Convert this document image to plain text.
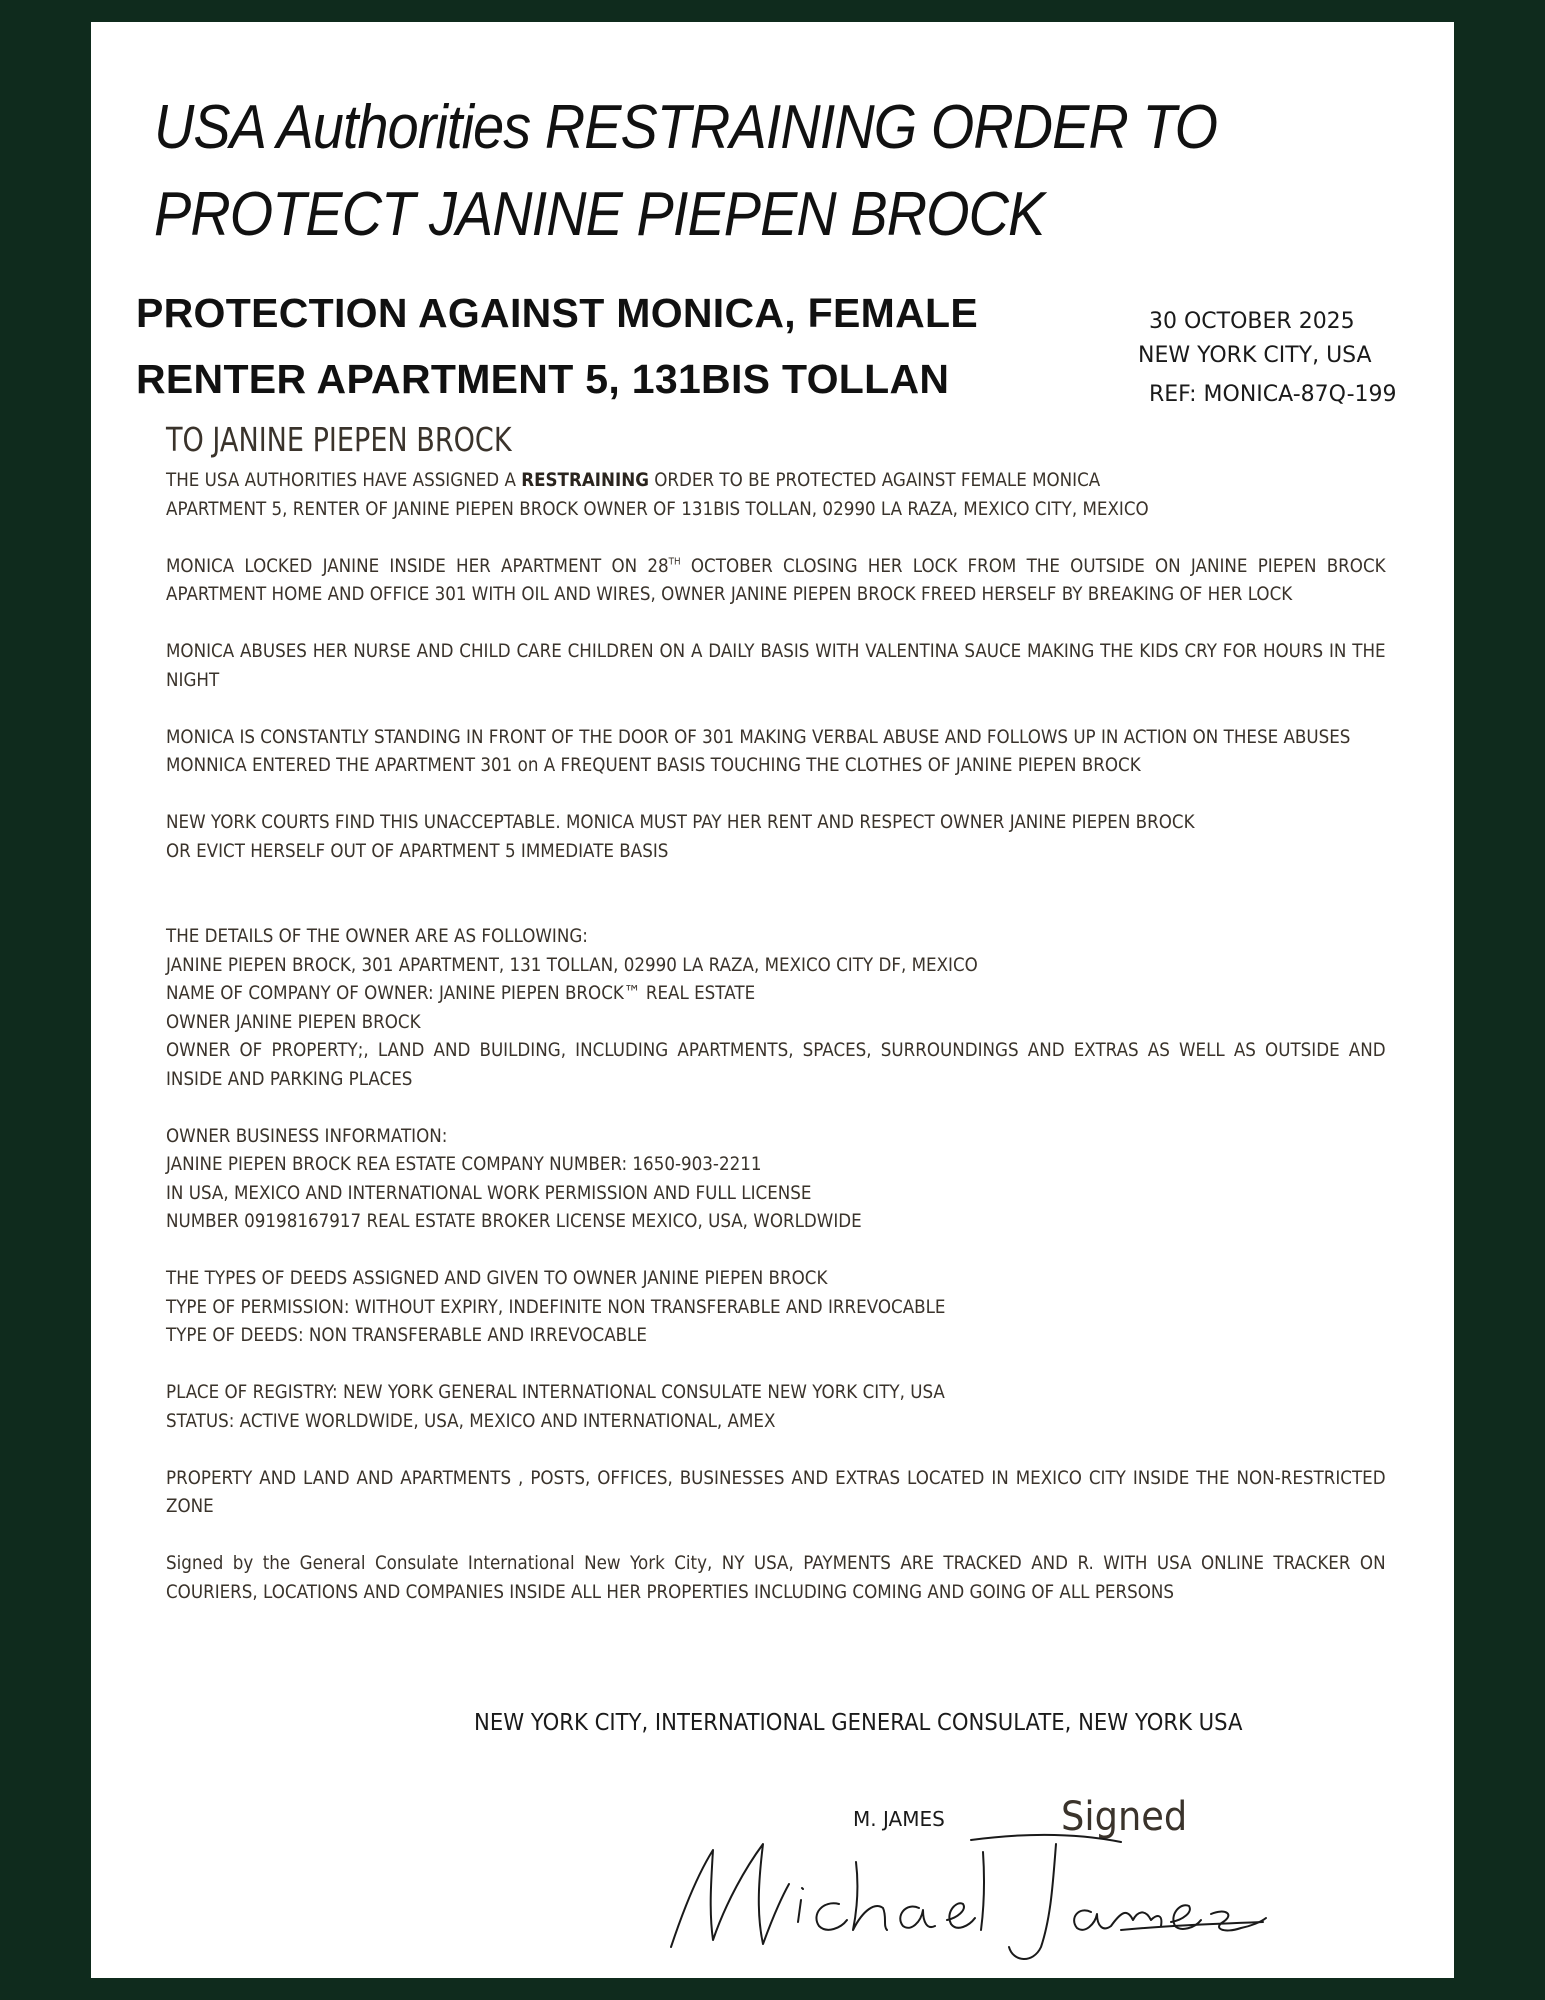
USA Authorities RESTRAINING ORDER TO
PROTECT JANINE PIEPEN BROCK
PROTECTION AGAINST MONICA, FEMALE
RENTER APARTMENT 5, 131BIS TOLLAN
30 OCTOBER 2025
NEW YORK CITY, USA
REF: MONICA-87Q-199
TO JANINE PIEPEN BROCK

THE USA AUTHORITIES HAVE ASSIGNED A RESTRAINING ORDER TO BE PROTECTED AGAINST FEMALE MONICA
APARTMENT 5, RENTER OF JANINE PIEPEN BROCK OWNER OF 131BIS TOLLAN, 02990 LA RAZA, MEXICO CITY, MEXICO

MONICA LOCKED JANINE INSIDE HER APARTMENT ON 28TH OCTOBER CLOSING HER LOCK FROM THE OUTSIDE ON JANINE PIEPEN BROCK APARTMENT HOME AND OFFICE 301 WITH OIL AND WIRES, OWNER JANINE PIEPEN BROCK FREED HERSELF BY BREAKING OF HER LOCK

MONICA ABUSES HER NURSE AND CHILD CARE CHILDREN ON A DAILY BASIS WITH VALENTINA SAUCE MAKING THE KIDS CRY FOR HOURS IN THE NIGHT

MONICA IS CONSTANTLY STANDING IN FRONT OF THE DOOR OF 301 MAKING VERBAL ABUSE AND FOLLOWS UP IN ACTION ON THESE ABUSES
MONNICA ENTERED THE APARTMENT 301 on A FREQUENT BASIS TOUCHING THE CLOTHES OF JANINE PIEPEN BROCK

NEW YORK COURTS FIND THIS UNACCEPTABLE. MONICA MUST PAY HER RENT AND RESPECT OWNER JANINE PIEPEN BROCK
OR EVICT HERSELF OUT OF APARTMENT 5 IMMEDIATE BASIS

THE DETAILS OF THE OWNER ARE AS FOLLOWING:
JANINE PIEPEN BROCK, 301 APARTMENT, 131 TOLLAN, 02990 LA RAZA, MEXICO CITY DF, MEXICO
NAME OF COMPANY OF OWNER: JANINE PIEPEN BROCK™ REAL ESTATE
OWNER JANINE PIEPEN BROCK
OWNER OF PROPERTY;, LAND AND BUILDING, INCLUDING APARTMENTS, SPACES, SURROUNDINGS AND EXTRAS AS WELL AS OUTSIDE AND INSIDE AND PARKING PLACES

OWNER BUSINESS INFORMATION:
JANINE PIEPEN BROCK REA ESTATE COMPANY NUMBER: 1650-903-2211
IN USA, MEXICO AND INTERNATIONAL WORK PERMISSION AND FULL LICENSE
NUMBER 09198167917 REAL ESTATE BROKER LICENSE MEXICO, USA, WORLDWIDE

THE TYPES OF DEEDS ASSIGNED AND GIVEN TO OWNER JANINE PIEPEN BROCK
TYPE OF PERMISSION: WITHOUT EXPIRY, INDEFINITE NON TRANSFERABLE AND IRREVOCABLE
TYPE OF DEEDS: NON TRANSFERABLE AND IRREVOCABLE

PLACE OF REGISTRY: NEW YORK GENERAL INTERNATIONAL CONSULATE NEW YORK CITY, USA
STATUS: ACTIVE WORLDWIDE, USA, MEXICO AND INTERNATIONAL, AMEX

PROPERTY AND LAND AND APARTMENTS , POSTS, OFFICES, BUSINESSES AND EXTRAS LOCATED IN MEXICO CITY INSIDE THE NON-RESTRICTED ZONE

Signed by the General Consulate International New York City, NY USA, PAYMENTS ARE TRACKED AND R. WITH USA ONLINE TRACKER ON COURIERS, LOCATIONS AND COMPANIES INSIDE ALL HER PROPERTIES INCLUDING COMING AND GOING OF ALL PERSONS

NEW YORK CITY, INTERNATIONAL GENERAL CONSULATE, NEW YORK USA
M. JAMES	Signed
